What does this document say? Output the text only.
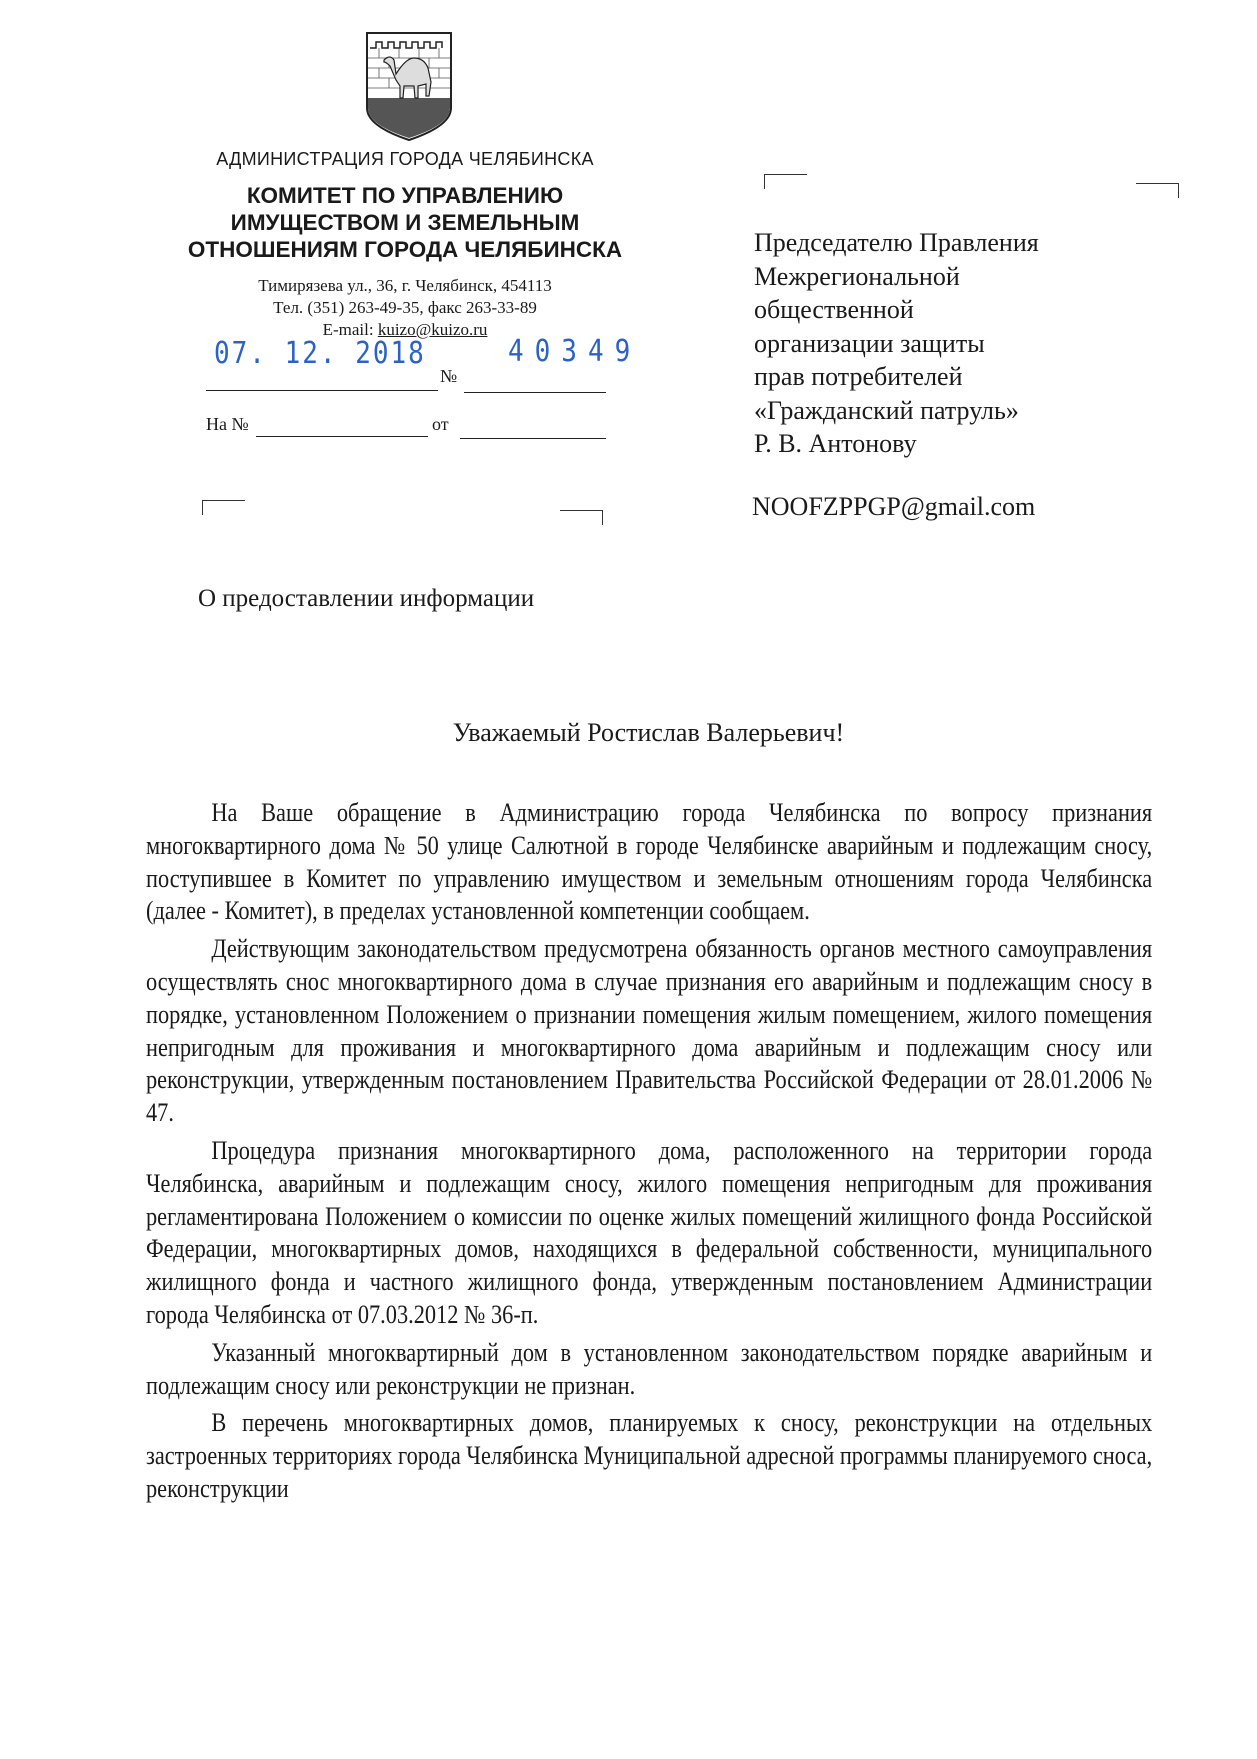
АДМИНИСТРАЦИЯ ГОРОДА ЧЕЛЯБИНСКА
КОМИТЕТ ПО УПРАВЛЕНИЮ
ИМУЩЕСТВОМ И ЗЕМЕЛЬНЫМ
ОТНОШЕНИЯМ ГОРОДА ЧЕЛЯБИНСКА
Тимирязева ул., 36, г. Челябинск, 454113
Тел. (351) 263-49-35, факс 263-33-89
E-mail: kuizo@kuizo.ru
07. 12. 2018	40349
№
На №	от
Председателю Правления
Межрегиональной
общественной
организации защиты
прав потребителей
«Гражданский патруль»
Р. В. Антонову
NOOFZPPGP@gmail.com
О предоставлении информации
Уважаемый Ростислав Валерьевич!

На Ваше обращение в Администрацию города Челябинска по вопросу признания многоквартирного дома № 50 улице Салютной в городе Челябинске аварийным и подлежащим сносу, поступившее в Комитет по управлению имуществом и земельным отношениям города Челябинска (далее - Комитет), в пределах установленной компетенции сообщаем.

Действующим законодательством предусмотрена обязанность органов местного самоуправления осуществлять снос многоквартирного дома в случае признания его аварийным и подлежащим сносу в порядке, установленном Положением о признании помещения жилым помещением, жилого помещения непригодным для проживания и многоквартирного дома аварийным и подлежащим сносу или реконструкции, утвержденным постановлением Правительства Российской Федерации от 28.01.2006 № 47.

Процедура признания многоквартирного дома, расположенного на территории города Челябинска, аварийным и подлежащим сносу, жилого помещения непригодным для проживания регламентирована Положением о комиссии по оценке жилых помещений жилищного фонда Российской Федерации, многоквартирных домов, находящихся в федеральной собственности, муниципального жилищного фонда и частного жилищного фонда, утвержденным постановлением Администрации города Челябинска от 07.03.2012 № 36-п.

Указанный многоквартирный дом в установленном законодательством порядке аварийным и подлежащим сносу или реконструкции не признан.

В перечень многоквартирных домов, планируемых к сносу, реконструкции на отдельных застроенных территориях города Челябинска Муниципальной адресной программы планируемого сноса, реконструкции
